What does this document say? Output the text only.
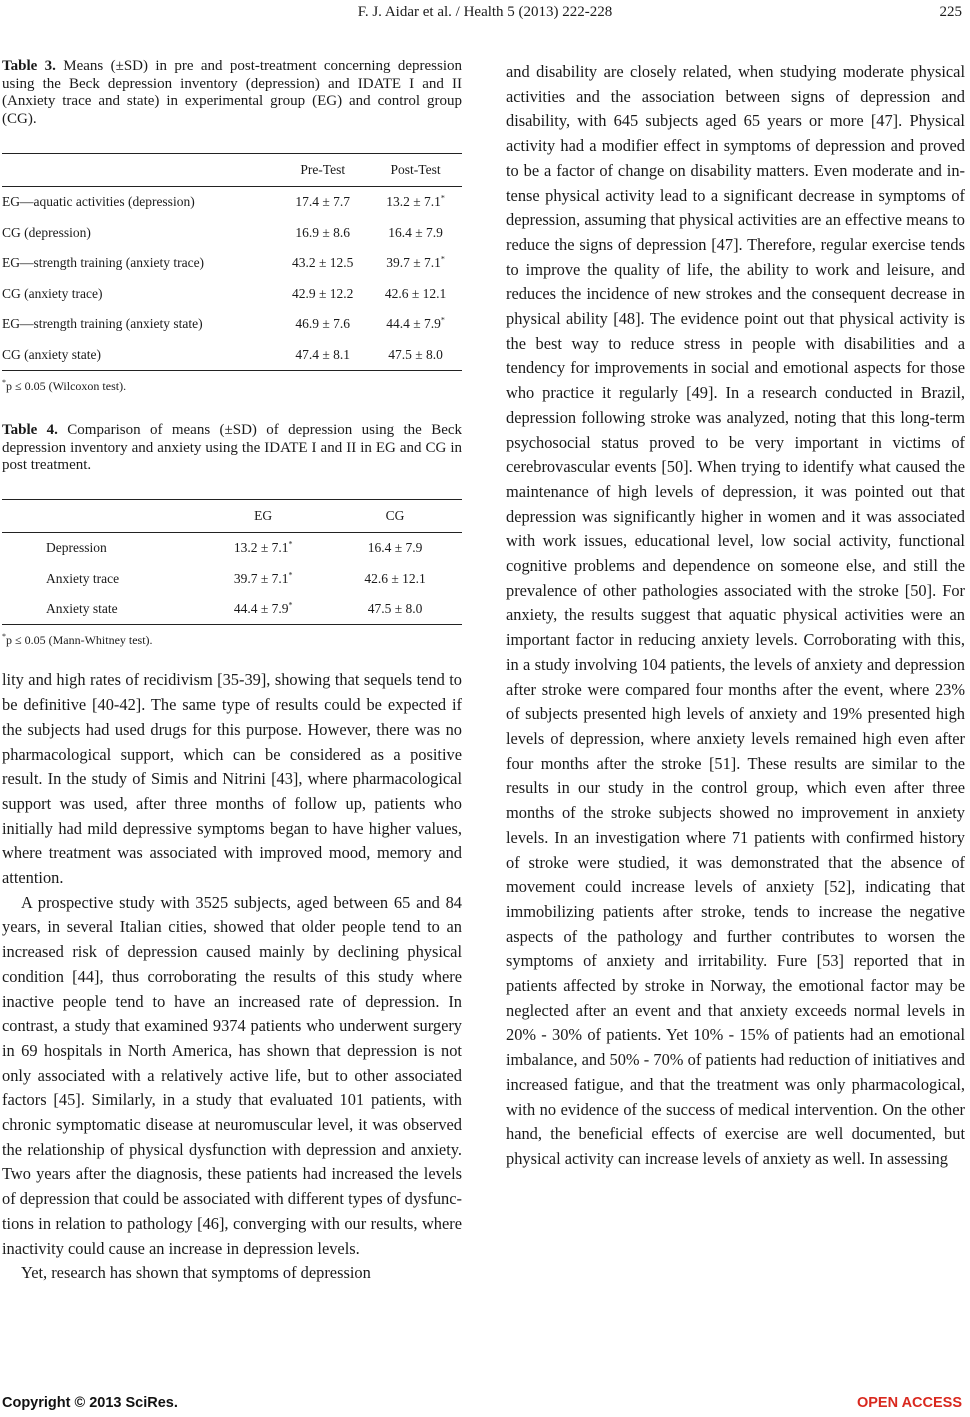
F. J. Aidar et al. / Health 5 (2013) 222-228	225

Table 3. Means (±SD) in pre and post-treatment concerning depression using the Beck depression inventory (depression) and IDATE I and II (Anxiety trace and state) in experimental group (EG) and control group (CG).

	Pre-Test	Post-Test
EG—aquatic activities (depression)	17.4 ± 7.7	13.2 ± 7.1*
CG (depression)	16.9 ± 8.6	16.4 ± 7.9
EG—strength training (anxiety trace)	43.2 ± 12.5	39.7 ± 7.1*
CG (anxiety trace)	42.9 ± 12.2	42.6 ± 12.1
EG—strength training (anxiety state)	46.9 ± 7.6	44.4 ± 7.9*
CG (anxiety state)	47.4 ± 8.1	47.5 ± 8.0

*p ≤ 0.05 (Wilcoxon test).

Table 4. Comparison of means (±SD) of depression using the Beck depression inventory and anxiety using the IDATE I and II in EG and CG in post treatment.

	EG	CG
Depression	13.2 ± 7.1*	16.4 ± 7.9
Anxiety trace	39.7 ± 7.1*	42.6 ± 12.1
Anxiety state	44.4 ± 7.9*	47.5 ± 8.0

*p ≤ 0.05 (Mann-Whitney test).

lity and high rates of recidivism [35-39], showing that sequels tend to be definitive [40-42]. The same type of results could be expected if the subjects had used drugs for this purpose. However, there was no pharmacological support, which can be considered as a positive result. In the study of Simis and Nitrini [43], where pharmacological support was used, after three months of follow up, patients who initially had mild depressive symptoms began to have higher values, where treatment was associated with improved mood, memory and attention.

A prospective study with 3525 subjects, aged between 65 and 84 years, in several Italian cities, showed that older people tend to an increased risk of depression caused mainly by declining physical condition [44], thus corroborating the results of this study where inactive people tend to have an increased rate of depression. In contrast, a study that examined 9374 patients who underwent surgery in 69 hospitals in North America, has shown that depression is not only associated with a relatively active life, but to other associated factors [45]. Similarly, in a study that evaluated 101 patients, with chronic symptomatic disease at neuromuscular level, it was observed the relationship of physical dysfunction with depression and anxiety. Two years after the diagnosis, these patients had increased the levels of depression that could be associated with different types of dysfunctions in relation to pathology [46], converging with our results, where inactivity could cause an increase in depression levels.

Yet, research has shown that symptoms of depression

and disability are closely related, when studying moderate physical activities and the association between signs of depression and disability, with 645 subjects aged 65 years or more [47]. Physical activity had a modifier effect in symptoms of depression and proved to be a factor of change on disability matters. Even moderate and intense physical activity lead to a significant decrease in symptoms of depression, assuming that physical activities are an effective means to reduce the signs of depression [47]. Therefore, regular exercise tends to improve the quality of life, the ability to work and leisure, and reduces the incidence of new strokes and the consequent decrease in physical ability [48]. The evidence point out that physical activity is the best way to reduce stress in people with disabilities and a tendency for improvements in social and emotional aspects for those who practice it regularly [49]. In a research conducted in Brazil, depression following stroke was analyzed, noting that this long-term psychosocial status proved to be very important in victims of cerebrovascular events [50]. When trying to identify what caused the maintenance of high levels of depression, it was pointed out that depression was significantly higher in women and it was associated with work issues, educational level, low social activity, functional cognitive problems and dependence on someone else, and still the prevalence of other pathologies associated with the stroke [50]. For anxiety, the results suggest that aquatic physical activities were an important factor in reducing anxiety levels. Corroborating with this, in a study involving 104 patients, the levels of anxiety and depression after stroke were compared four months after the event, where 23% of subjects presented high levels of anxiety and 19% presented high levels of depression, where anxiety levels remained high even after four months after the stroke [51]. These results are similar to the results in our study in the control group, which even after three months of the stroke subjects showed no improvement in anxiety levels. In an investigation where 71 patients with confirmed history of stroke were studied, it was demonstrated that the absence of movement could increase levels of anxiety [52], indicating that immobilizing patients after stroke, tends to increase the negative aspects of the pathology and further contributes to worsen the symptoms of anxiety and irritability. Fure [53] reported that in patients affected by stroke in Norway, the emotional factor may be neglected after an event and that anxiety exceeds normal levels in 20% - 30% of patients. Yet 10% - 15% of patients had an emotional imbalance, and 50% - 70% of patients had reduction of initiatives and increased fatigue, and that the treatment was only pharmacological, with no evidence of the success of medical intervention. On the other hand, the beneficial effects of exercise are well documented, but physical activity can increase levels of anxiety as well. In assessing

Copyright © 2013 SciRes.	OPEN ACCESS
